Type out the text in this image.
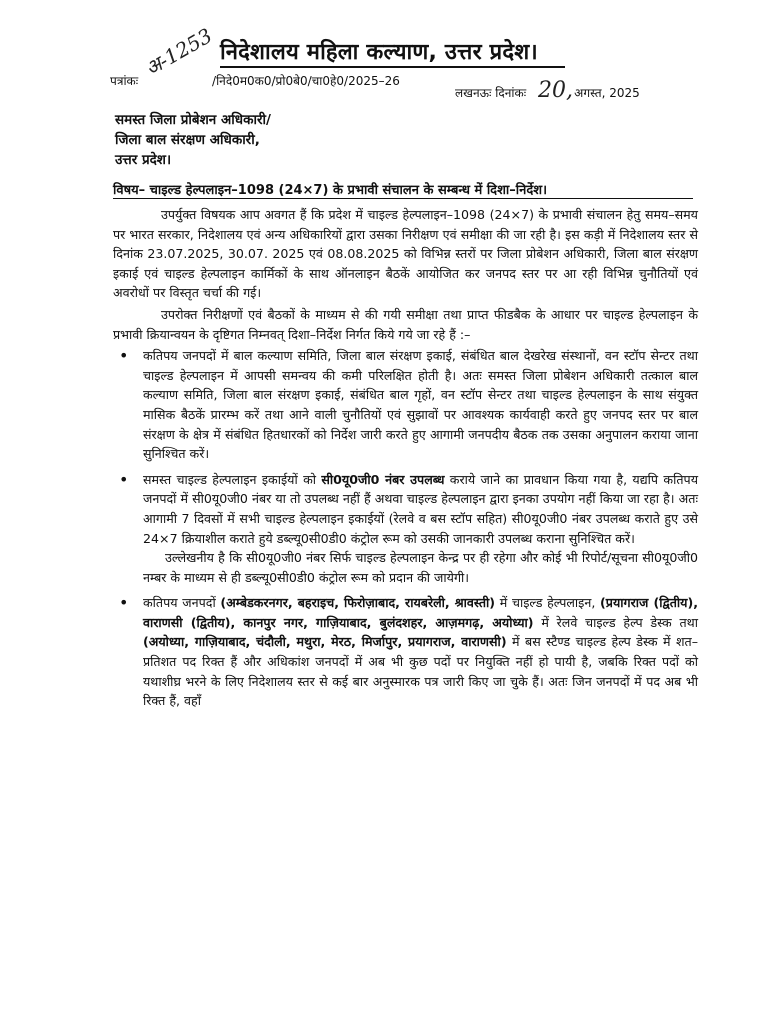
निदेशालय महिला कल्याण, उत्तर प्रदेश।
पत्रांकः	/निदे0म0क0/प्रो0बे0/चा0हे0/2025–26
अ-1253
लखनऊः दिनांकः	अगस्त, 2025
20,
समस्त जिला प्रोबेशन अधिकारी/
जिला बाल संरक्षण अधिकारी,
उत्तर प्रदेश।
विषय– चाइल्ड हेल्पलाइन–1098 (24×7) के प्रभावी संचालन के सम्बन्ध में दिशा–निर्देश।

उपर्युक्त विषयक आप अवगत हैं कि प्रदेश में चाइल्ड हेल्पलाइन–1098 (24×7) के प्रभावी संचालन हेतु समय–समय पर भारत सरकार, निदेशालय एवं अन्य अधिकारियों द्वारा उसका निरीक्षण एवं समीक्षा की जा रही है। इस कड़ी में निदेशालय स्तर से दिनांक 23.07.2025, 30.07. 2025 एवं 08.08.2025 को विभिन्न स्तरों पर जिला प्रोबेशन अधिकारी, जिला बाल संरक्षण इकाई एवं चाइल्ड हेल्पलाइन कार्मिकों के साथ ऑनलाइन बैठकें आयोजित कर जनपद स्तर पर आ रही विभिन्न चुनौतियों एवं अवरोधों पर विस्तृत चर्चा की गई।

उपरोक्त निरीक्षणों एवं बैठकों के माध्यम से की गयी समीक्षा तथा प्राप्त फीडबैक के आधार पर चाइल्ड हेल्पलाइन के प्रभावी क्रियान्वयन के दृष्टिगत निम्नवत् दिशा–निर्देश निर्गत किये गये जा रहे हैं :–

• कतिपय जनपदों में बाल कल्याण समिति, जिला बाल संरक्षण इकाई, संबंधित बाल देखरेख संस्थानों, वन स्टॉप सेन्टर तथा चाइल्ड हेल्पलाइन में आपसी समन्वय की कमी परिलक्षित होती है। अतः समस्त जिला प्रोबेशन अधिकारी तत्काल बाल कल्याण समिति, जिला बाल संरक्षण इकाई, संबंधित बाल गृहों, वन स्टॉप सेन्टर तथा चाइल्ड हेल्पलाइन के साथ संयुक्त मासिक बैठकें प्रारम्भ करें तथा आने वाली चुनौतियों एवं सुझावों पर आवश्यक कार्यवाही करते हुए जनपद स्तर पर बाल संरक्षण के क्षेत्र में संबंधित हितधारकों को निर्देश जारी करते हुए आगामी जनपदीय बैठक तक उसका अनुपालन कराया जाना सुनिश्चित करें।
• समस्त चाइल्ड हेल्पलाइन इकाईयों को सी0यू0जी0 नंबर उपलब्ध कराये जाने का प्रावधान किया गया है, यद्यपि कतिपय जनपदों में सी0यू0जी0 नंबर या तो उपलब्ध नहीं हैं अथवा चाइल्ड हेल्पलाइन द्वारा इनका उपयोग नहीं किया जा रहा है। अतः आगामी 7 दिवसों में सभी चाइल्ड हेल्पलाइन इकाईयों (रेलवे व बस स्टॉप सहित) सी0यू0जी0 नंबर उपलब्ध कराते हुए उसे 24×7 क्रियाशील कराते हुये डब्ल्यू0सी0डी0 कंट्रोल रूम को उसकी जानकारी उपलब्ध कराना सुनिश्चित करें।
उल्लेखनीय है कि सी0यू0जी0 नंबर सिर्फ चाइल्ड हेल्पलाइन केन्द्र पर ही रहेगा और कोई भी रिपोर्ट/सूचना सी0यू0जी0 नम्बर के माध्यम से ही डब्ल्यू0सी0डी0 कंट्रोल रूम को प्रदान की जायेगी।
• कतिपय जनपदों (अम्बेडकरनगर, बहराइच, फिरोज़ाबाद, रायबरेली, श्रावस्ती) में चाइल्ड हेल्पलाइन, (प्रयागराज (द्वितीय), वाराणसी (द्वितीय), कानपुर नगर, गाज़ियाबाद, बुलंदशहर, आज़मगढ़, अयोध्या) में रेलवे चाइल्ड हेल्प डेस्क तथा (अयोध्या, गाज़ियाबाद, चंदौली, मथुरा, मेरठ, मिर्जापुर, प्रयागराज, वाराणसी) में बस स्टैण्ड चाइल्ड हेल्प डेस्क में शत–प्रतिशत पद रिक्त हैं और अधिकांश जनपदों में अब भी कुछ पदों पर नियुक्ति नहीं हो पायी है, जबकि रिक्त पदों को यथाशीघ्र भरने के लिए निदेशालय स्तर से कई बार अनुस्मारक पत्र जारी किए जा चुके हैं। अतः जिन जनपदों में पद अब भी रिक्त हैं, वहाँ
